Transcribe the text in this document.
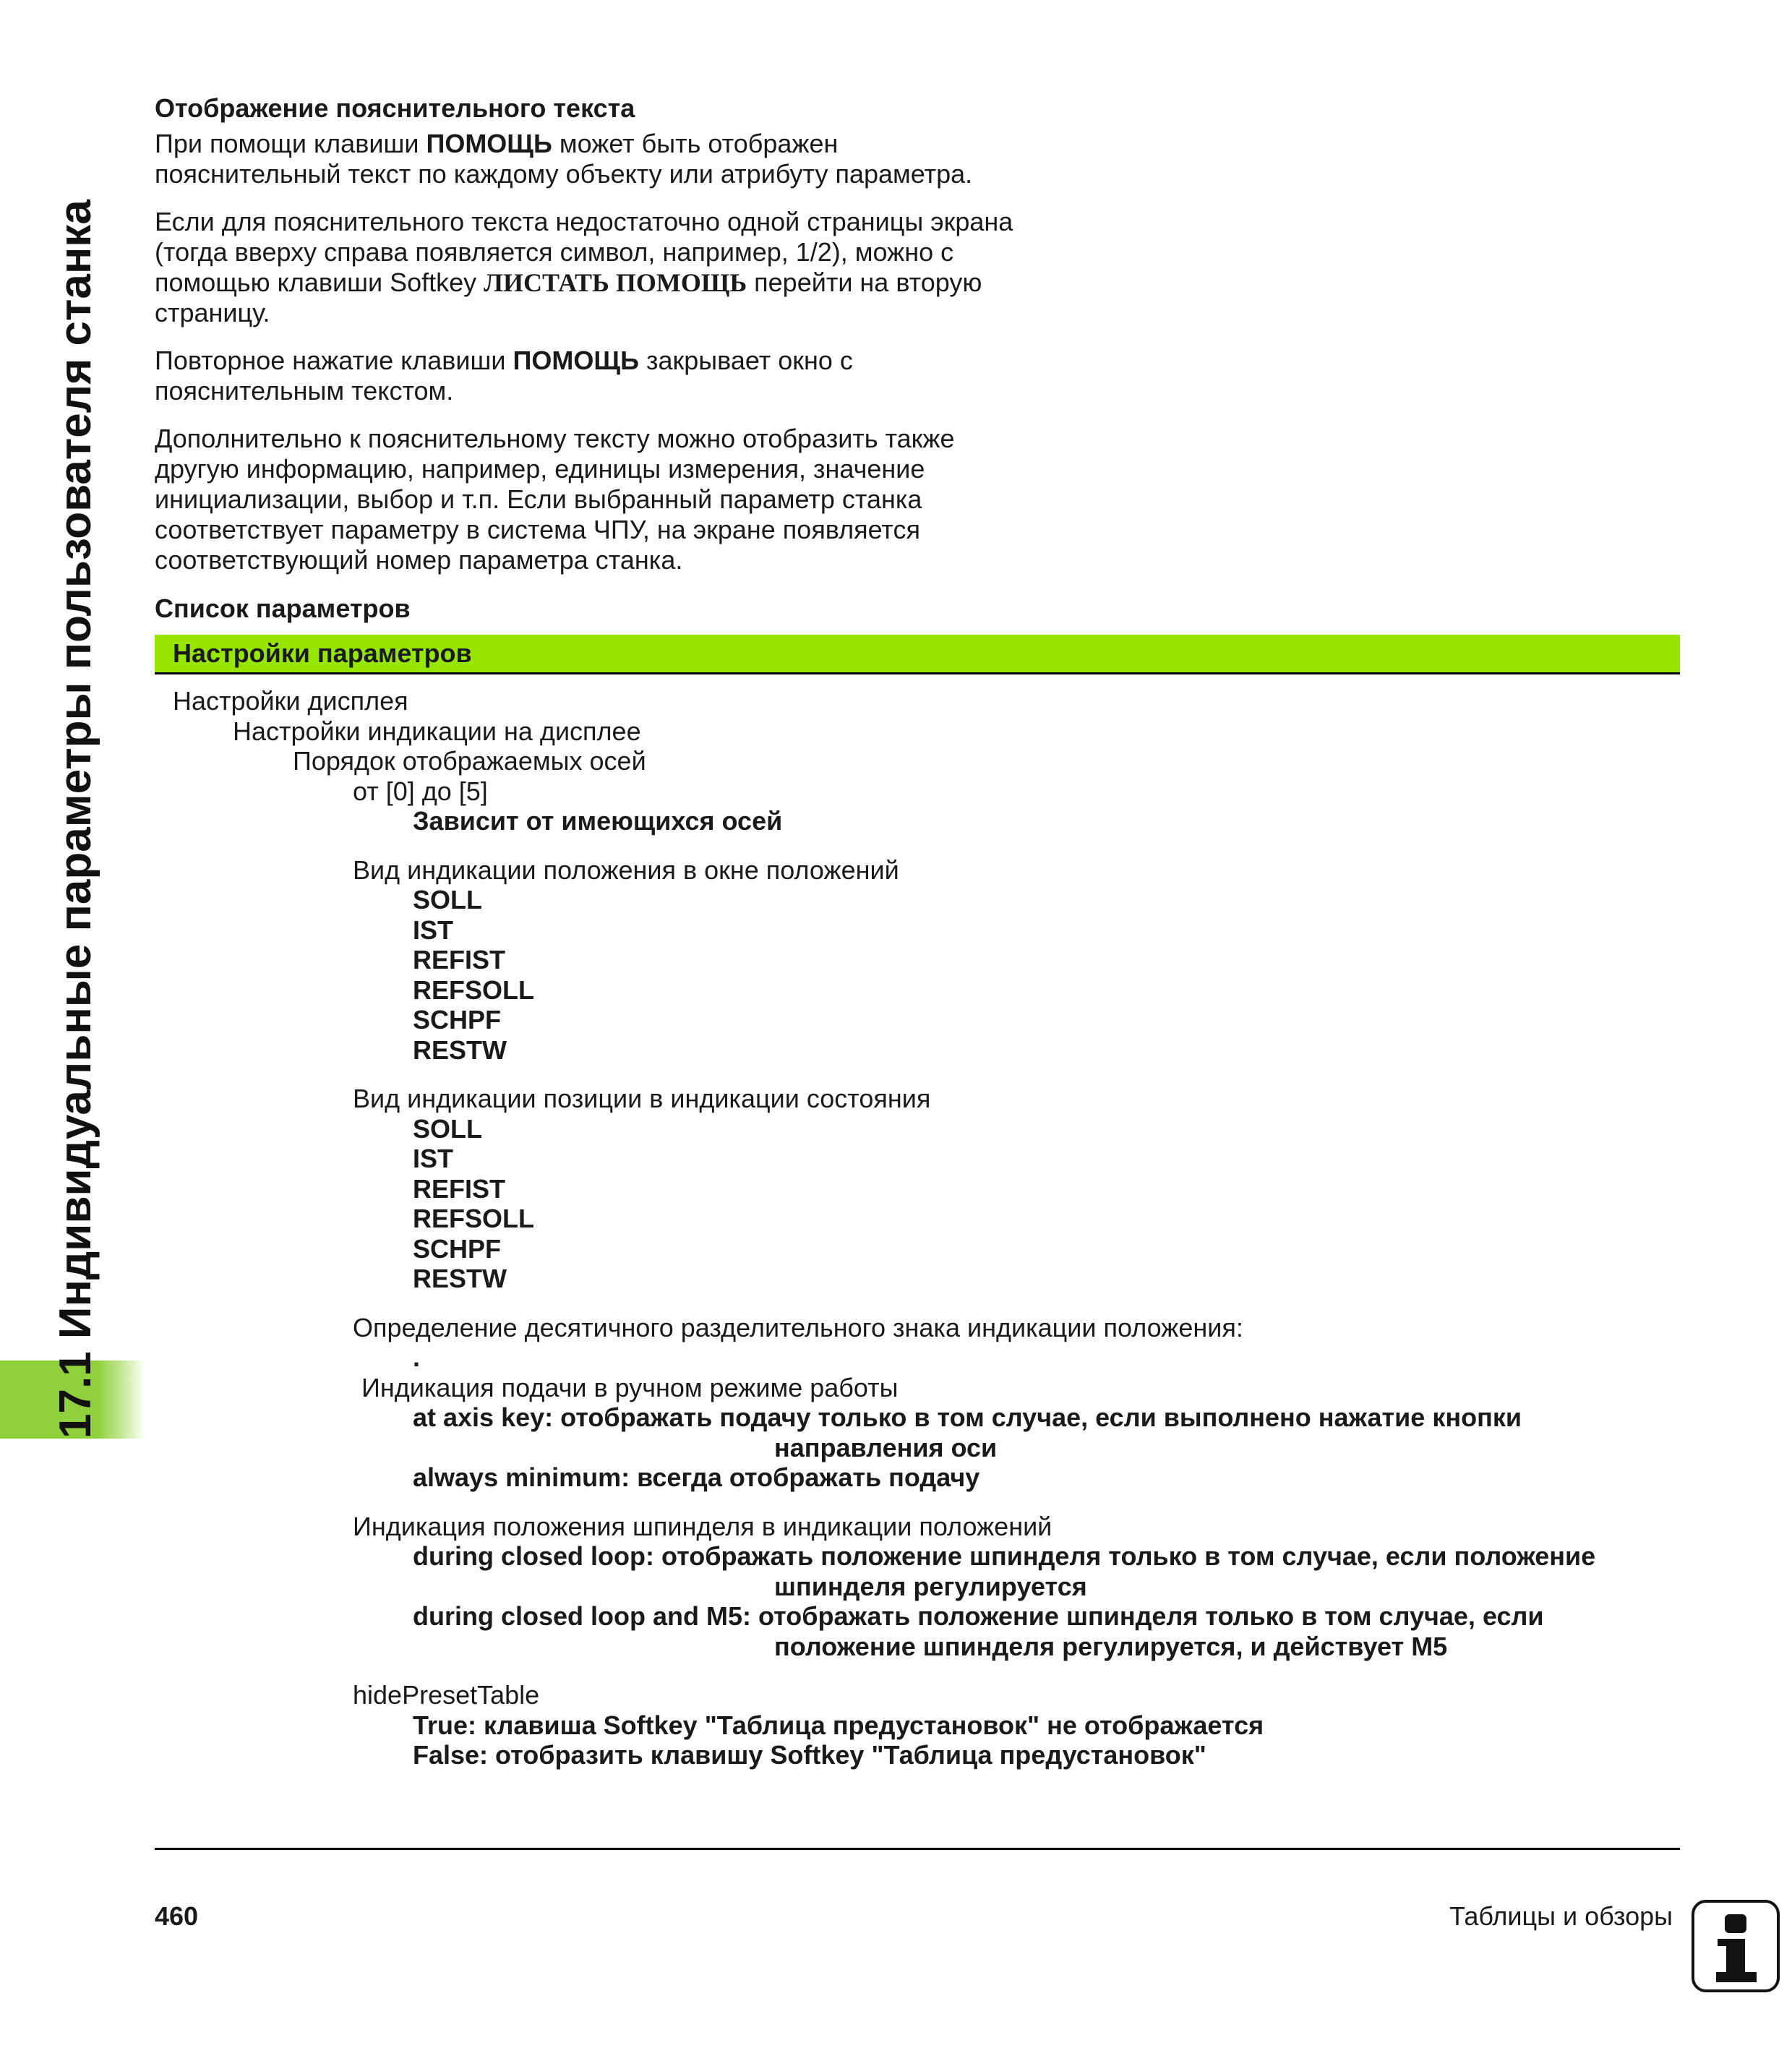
17.1 Индивидуальные параметры пользователя станка
Отображение пояснительного текста
При помощи клавиши ПОМОЩЬ может быть отображен пояснительный текст по каждому объекту или атрибуту параметра.
Если для пояснительного текста недостаточно одной страницы экрана (тогда вверху справа появляется символ, например, 1/2), можно с помощью клавиши Softkey ЛИСТАТЬ ПОМОЩЬ перейти на вторую страницу.
Повторное нажатие клавиши ПОМОЩЬ закрывает окно с пояснительным текстом.
Дополнительно к пояснительному тексту можно отобразить также другую информацию, например, единицы измерения, значение инициализации, выбор и т.п. Если выбранный параметр станка соответствует параметру в система ЧПУ, на экране появляется соответствующий номер параметра станка.
Список параметров
Настройки параметров
Настройки дисплея
Настройки индикации на дисплее
Порядок отображаемых осей
от [0] до [5]
Зависит от имеющихся осей
Вид индикации положения в окне положений
SOLL
IST
REFIST
REFSOLL
SCHPF
RESTW
Вид индикации позиции в индикации состояния
SOLL
IST
REFIST
REFSOLL
SCHPF
RESTW
Определение десятичного разделительного знака индикации положения:
.
Индикация подачи в ручном режиме работы
at axis key: отображать подачу только в том случае, если выполнено нажатие кнопки
направления оси
always minimum: всегда отображать подачу
Индикация положения шпинделя в индикации положений
during closed loop: отображать положение шпинделя только в том случае, если положение
шпинделя регулируется
during closed loop and M5: отображать положение шпинделя только в том случае, если
положение шпинделя регулируется, и действует M5
hidePresetTable
True: клавиша Softkey "Таблица предустановок" не отображается
False: отобразить клавишу Softkey "Таблица предустановок"
460	Таблицы и обзоры
